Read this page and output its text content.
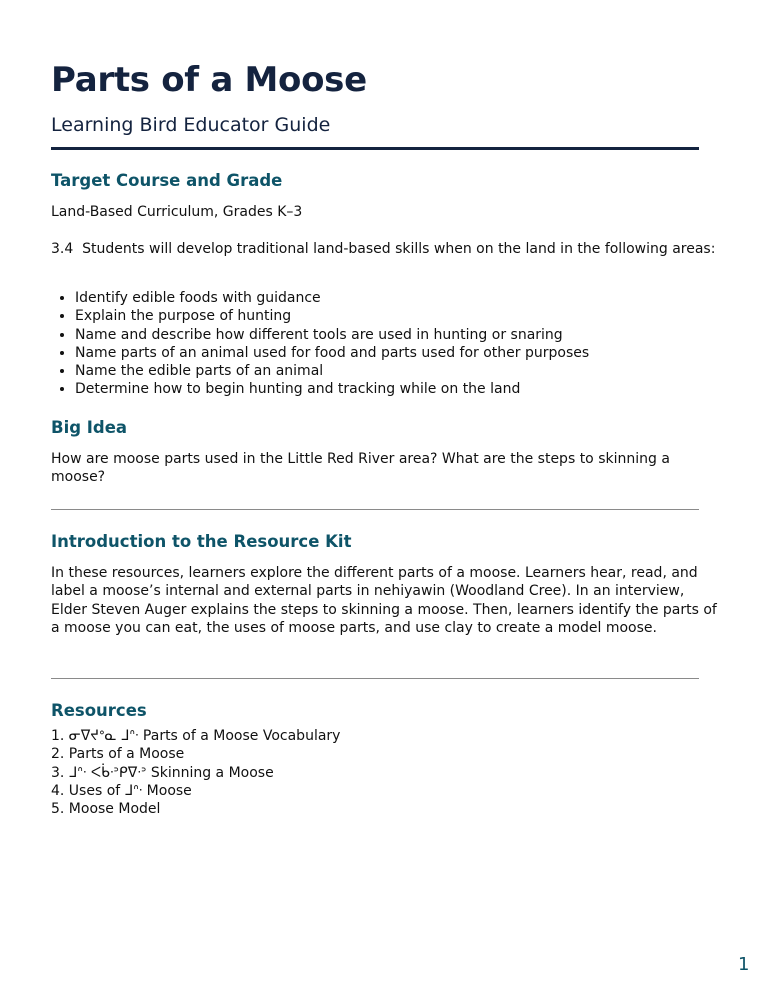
Parts of a Moose
Learning Bird Educator Guide
Target Course and Grade

Land-Based Curriculum, Grades K–3

3.4  Students will develop traditional land-based skills when on the land in the following areas:

• Identify edible foods with guidance
• Explain the purpose of hunting
• Name and describe how different tools are used in hunting or snaring
• Name parts of an animal used for food and parts used for other purposes
• Name the edible parts of an animal
• Determine how to begin hunting and tracking while on the land
Big Idea

How are moose parts used in the Little Red River area? What are the steps to skinning a moose?

Introduction to the Resource Kit

In these resources, learners explore the different parts of a moose. Learners hear, read, and label a moose’s internal and external parts in nehiyawin (Woodland Cree). In an interview, Elder Steven Auger explains the steps to skinning a moose. Then, learners identify the parts of a moose you can eat, the uses of moose parts, and use clay to create a model moose.

Resources
1. ᓂᐁᔪᐤᓇ ᒧᐢᐧ Parts of a Moose Vocabulary
2. Parts of a Moose
3. ᒧᐢᐧ ᐸᑳᐧᐣᑭᐁᐧᐣ Skinning a Moose
4. Uses of ᒧᐢᐧ Moose
5. Moose Model
1
